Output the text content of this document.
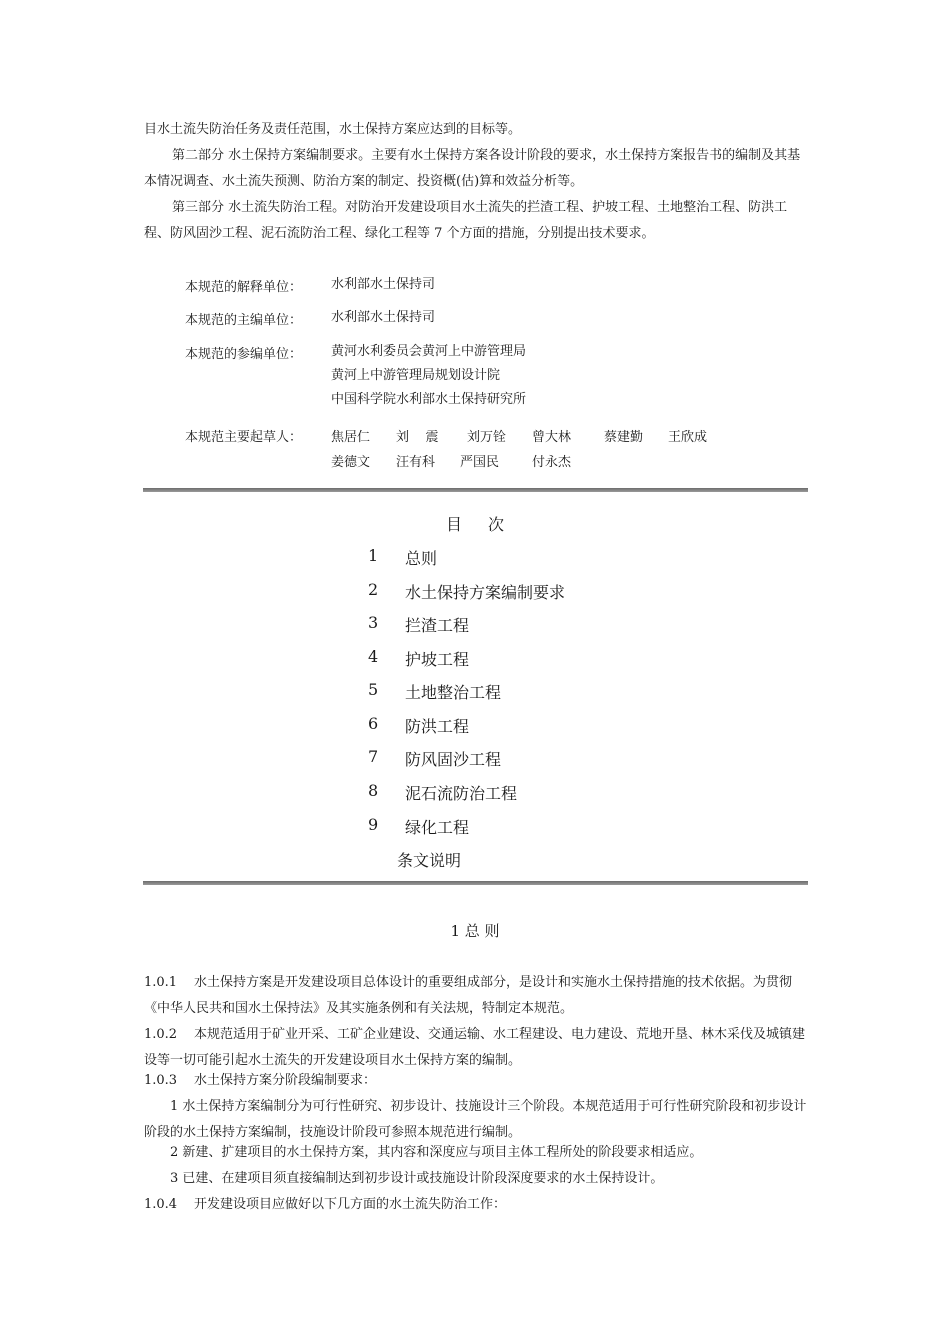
目水土流失防治任务及责任范围，水土保持方案应达到的目标等。

第二部分 水土保持方案编制要求。主要有水土保持方案各设计阶段的要求，水土保持方案报告书的编制及其基本情况调查、水土流失预测、防治方案的制定、投资概(估)算和效益分析等。

第三部分 水土流失防治工程。对防治开发建设项目水土流失的拦渣工程、护坡工程、土地整治工程、防洪工程、防风固沙工程、泥石流防治工程、绿化工程等 7 个方面的措施，分别提出技术要求。

本规范的解释单位： 水利部水土保持司
本规范的主编单位： 水利部水土保持司
本规范的参编单位： 黄河水利委员会黄河上中游管理局
黄河上中游管理局规划设计院
中国科学院水利部水土保持研究所
本规范主要起草人： 焦居仁 刘    震 刘万铨 曾大林	蔡建勤 王欣成
姜德文 汪有科 严国民	付永杰
目次
1 总则
2 水土保持方案编制要求
3 拦渣工程
4 护坡工程
5 土地整治工程
6 防洪工程
7 防风固沙工程
8 泥石流防治工程
9 绿化工程
条文说明
1 总 则

1.0.1 水土保持方案是开发建设项目总体设计的重要组成部分，是设计和实施水土保持措施的技术依据。为贯彻《中华人民共和国水土保持法》及其实施条例和有关法规，特制定本规范。

1.0.2 本规范适用于矿业开采、工矿企业建设、交通运输、水工程建设、电力建设、荒地开垦、林木采伐及城镇建设等一切可能引起水土流失的开发建设项目水土保持方案的编制。

1.0.3 水土保持方案分阶段编制要求：

1 水土保持方案编制分为可行性研究、初步设计、技施设计三个阶段。本规范适用于可行性研究阶段和初步设计阶段的水土保持方案编制，技施设计阶段可参照本规范进行编制。

2 新建、扩建项目的水土保持方案，其内容和深度应与项目主体工程所处的阶段要求相适应。

3 已建、在建项目须直接编制达到初步设计或技施设计阶段深度要求的水土保持设计。

1.0.4 开发建设项目应做好以下几方面的水土流失防治工作：
